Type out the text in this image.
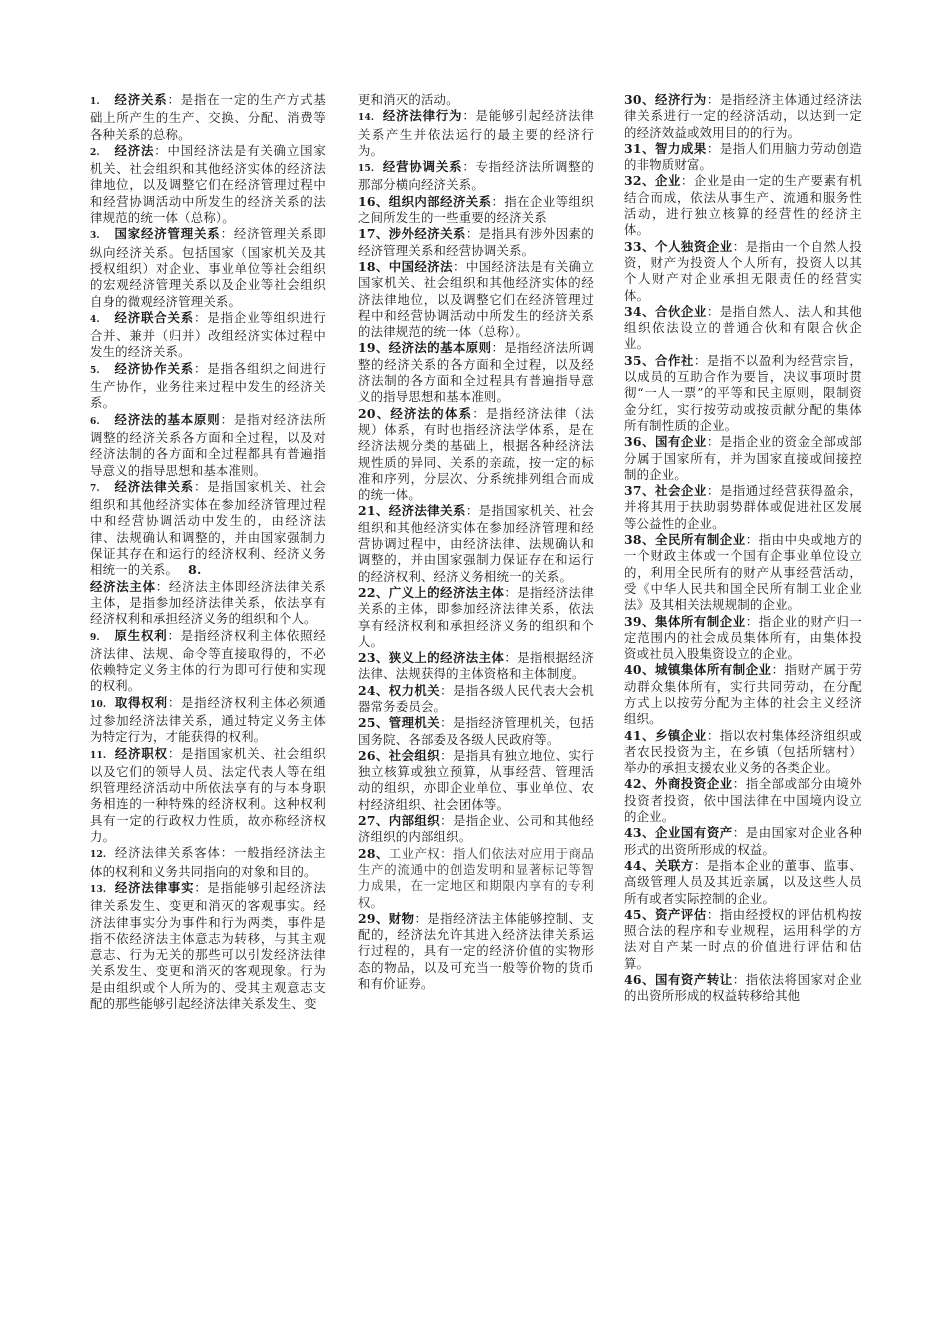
1. 经济关系：是指在一定的生产方式基础上所产生的生产、交换、分配、消费等各种关系的总称。

2. 经济法：中国经济法是有关确立国家机关、社会组织和其他经济实体的经济法律地位，以及调整它们在经济管理过程中和经营协调活动中所发生的经济关系的法律规范的统一体（总称）。

3. 国家经济管理关系：经济管理关系即纵向经济关系。包括国家（国家机关及其授权组织）对企业、事业单位等社会组织的宏观经济管理关系以及企业等社会组织自身的微观经济管理关系。

4. 经济联合关系：是指企业等组织进行合并、兼并（归并）改组经济实体过程中发生的经济关系。

5. 经济协作关系：是指各组织之间进行生产协作，业务往来过程中发生的经济关系。

6. 经济法的基本原则：是指对经济法所调整的经济关系各方面和全过程，以及对经济法制的各方面和全过程都具有普遍指导意义的指导思想和基本准则。

7. 经济法律关系：是指国家机关、社会组织和其他经济实体在参加经济管理过程中和经营协调活动中发生的，由经济法律、法规确认和调整的，并由国家强制力保证其存在和运行的经济权利、经济义务相统一的关系。 8.

经济法主体：经济法主体即经济法律关系主体，是指参加经济法律关系，依法享有经济权利和承担经济义务的组织和个人。

9. 原生权利：是指经济权利主体依照经济法律、法规、命令等直接取得的，不必依赖特定义务主体的行为即可行使和实现的权利。

10. 取得权利：是指经济权利主体必须通过参加经济法律关系，通过特定义务主体为特定行为，才能获得的权利。

11. 经济职权：是指国家机关、社会组织以及它们的领导人员、法定代表人等在组织管理经济活动中所依法享有的与本身职务相连的一种特殊的经济权利。这种权利具有一定的行政权力性质，故亦称经济权力。

12. 经济法律关系客体：一般指经济法主体的权利和义务共同指向的对象和目的。

13. 经济法律事实：是指能够引起经济法律关系发生、变更和消灭的客观事实。经济法律事实分为事件和行为两类，事件是指不依经济法主体意志为转移，与其主观意志、行为无关的那些可以引发经济法律关系发生、变更和消灭的客观现象。行为是由组织或个人所为的、受其主观意志支配的那些能够引起经济法律关系发生、变

更和消灭的活动。

14. 经济法律行为：是能够引起经济法律关系产生并依法运行的最主要的经济行为。

15. 经营协调关系：专指经济法所调整的那部分横向经济关系。

16、组织内部经济关系：指在企业等组织之间所发生的一些重要的经济关系

17、涉外经济关系：是指具有涉外因素的经济管理关系和经营协调关系。

18、中国经济法：中国经济法是有关确立国家机关、社会组织和其他经济实体的经济法律地位，以及调整它们在经济管理过程中和经营协调活动中所发生的经济关系的法律规范的统一体（总称）。

19、经济法的基本原则：是指经济法所调整的经济关系的各方面和全过程，以及经济法制的各方面和全过程具有普遍指导意义的指导思想和基本准则。

20、经济法的体系：是指经济法律（法规）体系，有时也指经济法学体系，是在经济法规分类的基础上，根据各种经济法规性质的异同、关系的亲疏，按一定的标准和序列，分层次、分系统排列组合而成的统一体。

21、经济法律关系：是指国家机关、社会组织和其他经济实体在参加经济管理和经营协调过程中，由经济法律、法规确认和调整的，并由国家强制力保证存在和运行的经济权利、经济义务相统一的关系。

22、广义上的经济法主体：是指经济法律关系的主体，即参加经济法律关系，依法享有经济权利和承担经济义务的组织和个人。

23、狭义上的经济法主体：是指根据经济法律、法规获得的主体资格和主体制度。

24、权力机关：是指各级人民代表大会机器常务委员会。

25、管理机关：是指经济管理机关，包括国务院、各部委及各级人民政府等。

26、社会组织：是指具有独立地位、实行独立核算或独立预算，从事经营、管理活动的组织，亦即企业单位、事业单位、农村经济组织、社会团体等。

27、内部组织：是指企业、公司和其他经济组织的内部组织。

28、工业产权：指人们依法对应用于商品生产的流通中的创造发明和显著标记等智力成果，在一定地区和期限内享有的专利权。

29、财物：是指经济法主体能够控制、支配的，经济法允许其进入经济法律关系运行过程的，具有一定的经济价值的实物形态的物品，以及可充当一般等价物的货币和有价证券。

30、经济行为：是指经济主体通过经济法律关系进行一定的经济活动，以达到一定的经济效益或效用目的的行为。

31、智力成果：是指人们用脑力劳动创造的非物质财富。

32、企业：企业是由一定的生产要素有机结合而成，依法从事生产、流通和服务性活动，进行独立核算的经营性的经济主体。

33、个人独资企业：是指由一个自然人投资，财产为投资人个人所有，投资人以其个人财产对企业承担无限责任的经营实体。

34、合伙企业：是指自然人、法人和其他组织依法设立的普通合伙和有限合伙企业。

35、合作社：是指不以盈利为经营宗旨，以成员的互助合作为要旨，决议事项时贯彻“一人一票”的平等和民主原则，限制资金分红，实行按劳动或按贡献分配的集体所有制性质的企业。

36、国有企业：是指企业的资金全部或部分属于国家所有，并为国家直接或间接控制的企业。

37、社会企业：是指通过经营获得盈余，并将其用于扶助弱势群体或促进社区发展等公益性的企业。

38、全民所有制企业：指由中央或地方的一个财政主体或一个国有企事业单位设立的，利用全民所有的财产从事经营活动，受《中华人民共和国全民所有制工业企业法》及其相关法规规制的企业。

39、集体所有制企业：指企业的财产归一定范围内的社会成员集体所有，由集体投资或社员入股集资设立的企业。

40、城镇集体所有制企业：指财产属于劳动群众集体所有，实行共同劳动，在分配方式上以按劳分配为主体的社会主义经济组织。

41、乡镇企业：指以农村集体经济组织或者农民投资为主，在乡镇（包括所辖村）举办的承担支援农业义务的各类企业。

42、外商投资企业：指全部或部分由境外投资者投资，依中国法律在中国境内设立的企业。

43、企业国有资产：是由国家对企业各种形式的出资所形成的权益。

44、关联方：是指本企业的董事、监事、高级管理人员及其近亲属，以及这些人员所有或者实际控制的企业。

45、资产评估：指由经授权的评估机构按照合法的程序和专业规程，运用科学的方法对自产某一时点的价值进行评估和估算。

46、国有资产转让：指依法将国家对企业的出资所形成的权益转移给其他
